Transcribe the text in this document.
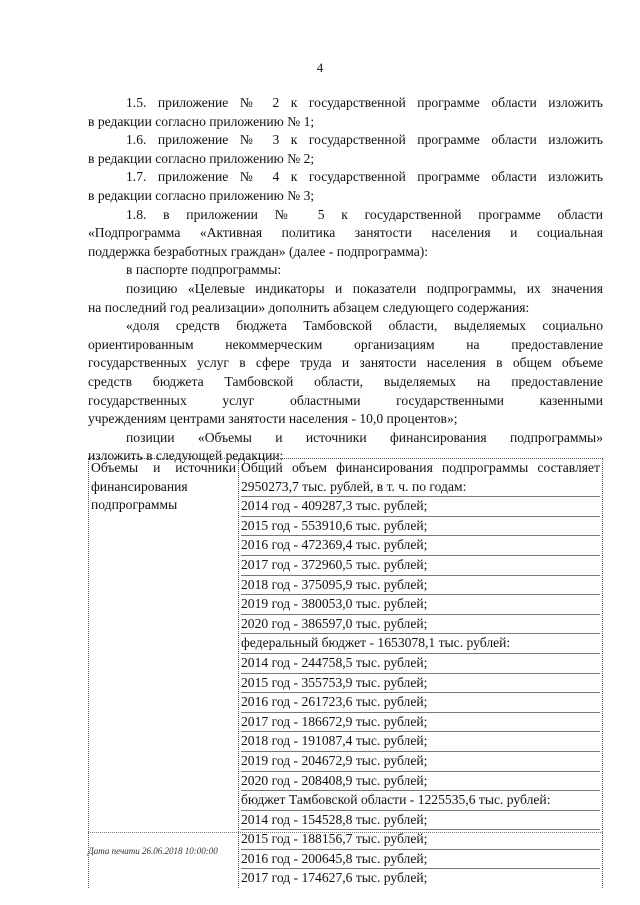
4

1.5. приложение № 2 к государственной программе области изложить

в редакции согласно приложению № 1;

1.6. приложение № 3 к государственной программе области изложить

в редакции согласно приложению № 2;

1.7. приложение № 4 к государственной программе области изложить

в редакции согласно приложению № 3;

1.8. в приложении № 5 к государственной программе области

«Подпрограмма «Активная политика занятости населения и социальная

поддержка безработных граждан» (далее - подпрограмма):

в паспорте подпрограммы:

позицию «Целевые индикаторы и показатели подпрограммы, их значения

на последний год реализации» дополнить абзацем следующего содержания:

«доля средств бюджета Тамбовской области, выделяемых социально

ориентированным некоммерческим организациям на предоставление

государственных услуг в сфере труда и занятости населения в общем объеме

средств бюджета Тамбовской области, выделяемых на предоставление

государственных услуг областными государственными казенными

учреждениям центрами занятости населения - 10,0 процентов»;

позиции «Объемы и источники финансирования подпрограммы»

изложить в следующей редакции:

Объемы и источники финансирования подпрограммы

Общий объем финансирования подпрограммы составляет
2950273,7 тыс. рублей, в т. ч. по годам:
2014 год - 409287,3 тыс. рублей;
2015 год - 553910,6 тыс. рублей;
2016 год - 472369,4 тыс. рублей;
2017 год - 372960,5 тыс. рублей;
2018 год - 375095,9 тыс. рублей;
2019 год - 380053,0 тыс. рублей;
2020 год - 386597,0 тыс. рублей;
федеральный бюджет - 1653078,1 тыс. рублей:
2014 год - 244758,5 тыс. рублей;
2015 год - 355753,9 тыс. рублей;
2016 год - 261723,6 тыс. рублей;
2017 год - 186672,9 тыс. рублей;
2018 год - 191087,4 тыс. рублей;
2019 год - 204672,9 тыс. рублей;
2020 год - 208408,9 тыс. рублей;
бюджет Тамбовской области - 1225535,6 тыс. рублей:
2014 год - 154528,8 тыс. рублей;
2015 год - 188156,7 тыс. рублей;
2016 год - 200645,8 тыс. рублей;
2017 год - 174627,6 тыс. рублей;
Дата печати 26.06.2018 10:00:00
